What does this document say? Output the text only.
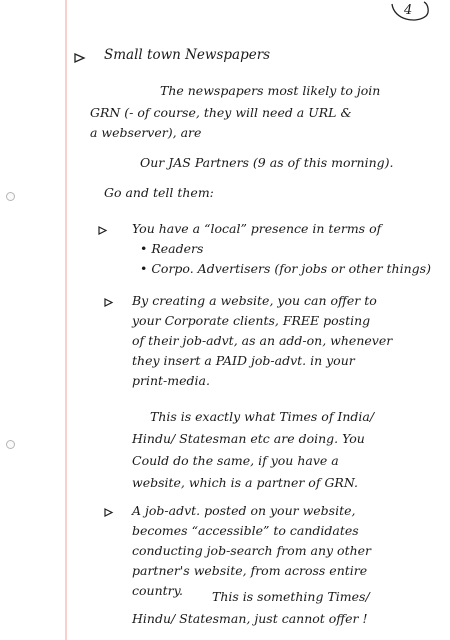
4
Small town Newspapers
The newspapers most likely to join
GRN (- of course, they will need a URL &
a webserver), are
Our JAS Partners (9 as of this morning).
Go and tell them:
You have a “local” presence in terms of
• Readers
• Corpo. Advertisers (for jobs or other things)
By creating a website, you can offer to
your Corporate clients, FREE posting
of their job-advt, as an add-on, whenever
they insert a PAID job-advt. in your
print-media.
This is exactly what Times of India/
Hindu/ Statesman etc are doing. You
Could do the same, if you have a
website, which is a partner of GRN.
A job-advt. posted on your website,
becomes “accessible” to candidates
conducting job-search from any other
partner's website, from across entire
country. This is something Times/
Hindu/ Statesman, just cannot offer !
